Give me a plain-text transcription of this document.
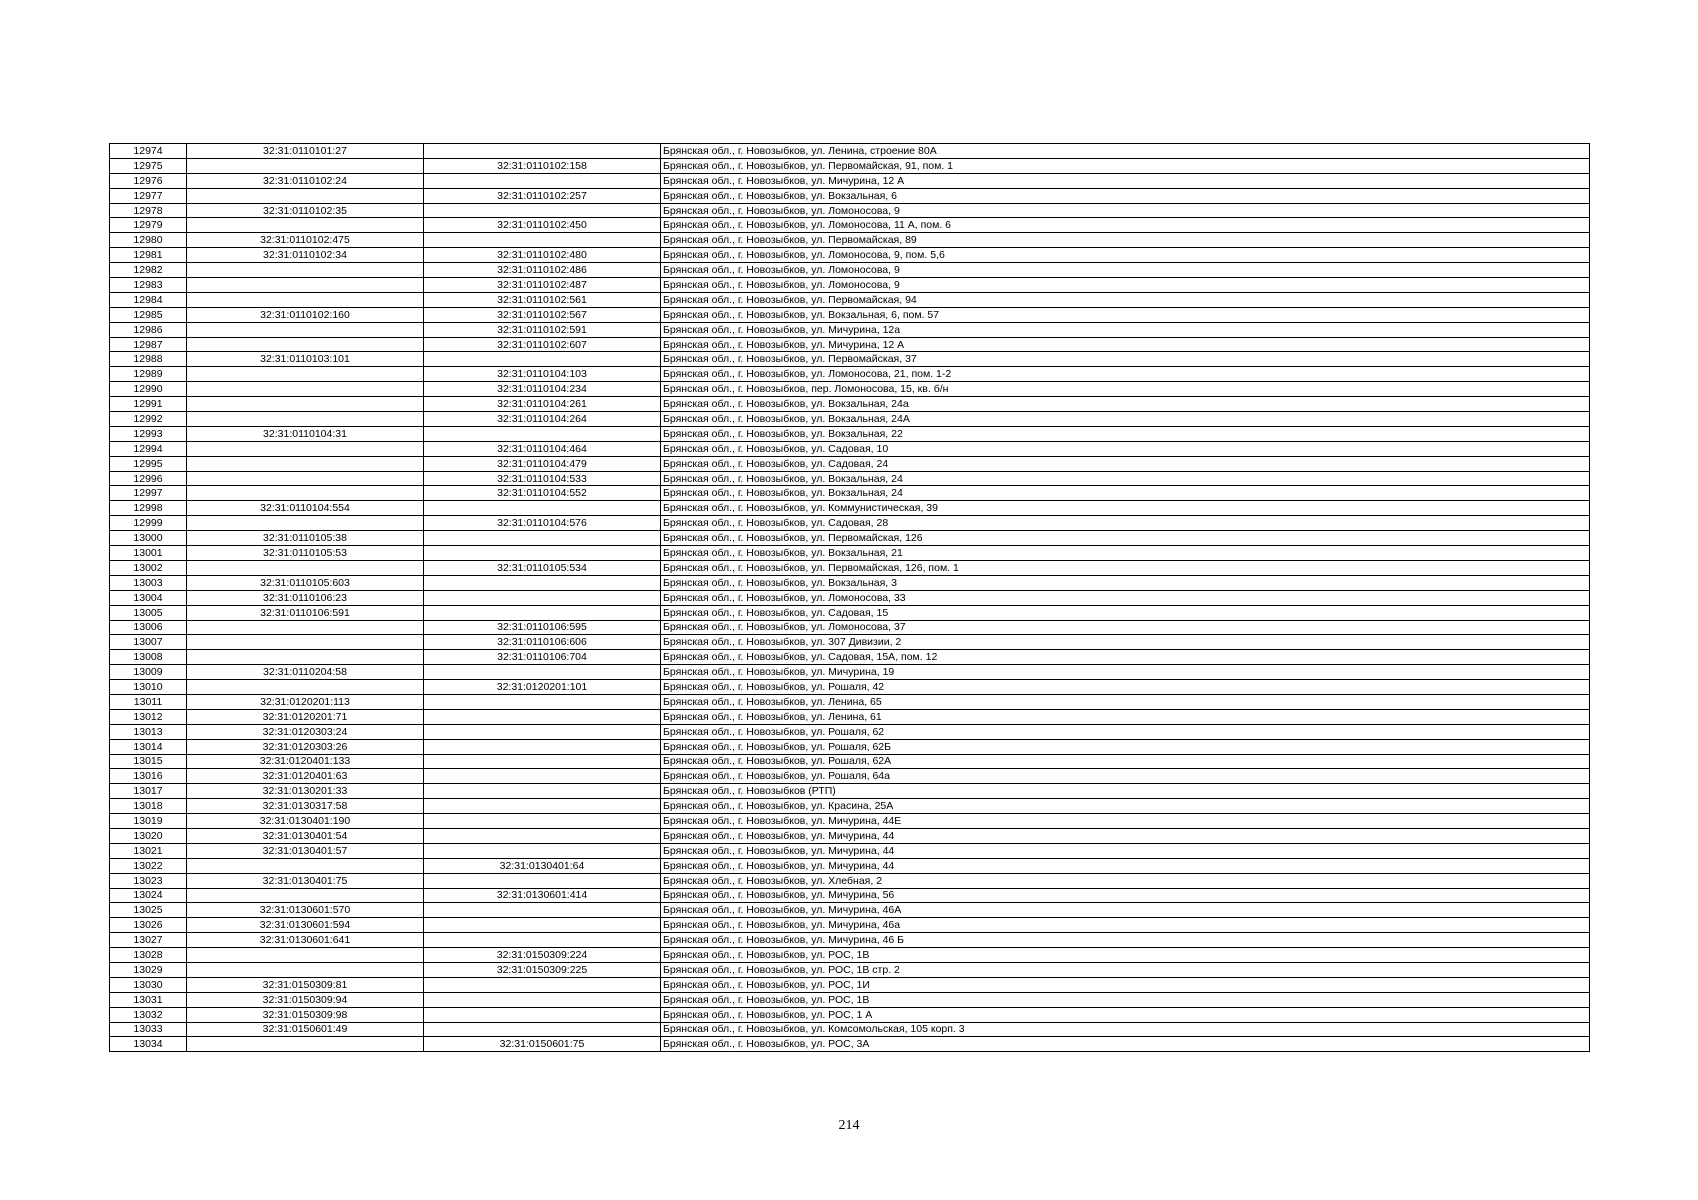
12974	32:31:0110101:27		Брянская обл., г. Новозыбков, ул. Ленина, строение 80А
12975		32:31:0110102:158	Брянская обл., г. Новозыбков, ул. Первомайская, 91, пом. 1
12976	32:31:0110102:24		Брянская обл., г. Новозыбков, ул. Мичурина, 12 А
12977		32:31:0110102:257	Брянская обл., г. Новозыбков, ул. Вокзальная, 6
12978	32:31:0110102:35		Брянская обл., г. Новозыбков, ул. Ломоносова, 9
12979		32:31:0110102:450	Брянская обл., г. Новозыбков, ул. Ломоносова, 11 А, пом. 6
12980	32:31:0110102:475		Брянская обл., г. Новозыбков, ул. Первомайская, 89
12981	32:31:0110102:34	32:31:0110102:480	Брянская обл., г. Новозыбков, ул. Ломоносова, 9, пом. 5,6
12982		32:31:0110102:486	Брянская обл., г. Новозыбков, ул. Ломоносова, 9
12983		32:31:0110102:487	Брянская обл., г. Новозыбков, ул. Ломоносова, 9
12984		32:31:0110102:561	Брянская обл., г. Новозыбков, ул. Первомайская, 94
12985	32:31:0110102:160	32:31:0110102:567	Брянская обл., г. Новозыбков, ул. Вокзальная, 6, пом. 57
12986		32:31:0110102:591	Брянская обл., г. Новозыбков, ул. Мичурина, 12а
12987		32:31:0110102:607	Брянская обл., г. Новозыбков, ул. Мичурина, 12 А
12988	32:31:0110103:101		Брянская обл., г. Новозыбков, ул. Первомайская, 37
12989		32:31:0110104:103	Брянская обл., г. Новозыбков, ул. Ломоносова, 21, пом. 1-2
12990		32:31:0110104:234	Брянская обл., г. Новозыбков, пер. Ломоносова, 15, кв. б/н
12991		32:31:0110104:261	Брянская обл., г. Новозыбков, ул. Вокзальная, 24а
12992		32:31:0110104:264	Брянская обл., г. Новозыбков, ул. Вокзальная, 24А
12993	32:31:0110104:31		Брянская обл., г. Новозыбков, ул. Вокзальная, 22
12994		32:31:0110104:464	Брянская обл., г. Новозыбков, ул. Садовая, 10
12995		32:31:0110104:479	Брянская обл., г. Новозыбков, ул. Садовая, 24
12996		32:31:0110104:533	Брянская обл., г. Новозыбков, ул. Вокзальная, 24
12997		32:31:0110104:552	Брянская обл., г. Новозыбков, ул. Вокзальная, 24
12998	32:31:0110104:554		Брянская обл., г. Новозыбков, ул. Коммунистическая, 39
12999		32:31:0110104:576	Брянская обл., г. Новозыбков, ул. Садовая, 28
13000	32:31:0110105:38		Брянская обл., г. Новозыбков, ул. Первомайская, 126
13001	32:31:0110105:53		Брянская обл., г. Новозыбков, ул. Вокзальная, 21
13002		32:31:0110105:534	Брянская обл., г. Новозыбков, ул. Первомайская, 126, пом. 1
13003	32:31:0110105:603		Брянская обл., г. Новозыбков, ул. Вокзальная, 3
13004	32:31:0110106:23		Брянская обл., г. Новозыбков, ул. Ломоносова, 33
13005	32:31:0110106:591		Брянская обл., г. Новозыбков, ул. Садовая, 15
13006		32:31:0110106:595	Брянская обл., г. Новозыбков, ул. Ломоносова, 37
13007		32:31:0110106:606	Брянская обл., г. Новозыбков, ул. 307 Дивизии, 2
13008		32:31:0110106:704	Брянская обл., г. Новозыбков, ул. Садовая, 15А, пом. 12
13009	32:31:0110204:58		Брянская обл., г. Новозыбков, ул. Мичурина, 19
13010		32:31:0120201:101	Брянская обл., г. Новозыбков, ул. Рошаля, 42
13011	32:31:0120201:113		Брянская обл., г. Новозыбков, ул. Ленина, 65
13012	32:31:0120201:71		Брянская обл., г. Новозыбков, ул. Ленина, 61
13013	32:31:0120303:24		Брянская обл., г. Новозыбков, ул. Рошаля, 62
13014	32:31:0120303:26		Брянская обл., г. Новозыбков, ул. Рошаля, 62Б
13015	32:31:0120401:133		Брянская обл., г. Новозыбков, ул. Рошаля, 62А
13016	32:31:0120401:63		Брянская обл., г. Новозыбков, ул. Рошаля, 64а
13017	32:31:0130201:33		Брянская обл., г. Новозыбков (РТП)
13018	32:31:0130317:58		Брянская обл., г. Новозыбков, ул. Красина, 25А
13019	32:31:0130401:190		Брянская обл., г. Новозыбков, ул. Мичурина, 44Е
13020	32:31:0130401:54		Брянская обл., г. Новозыбков, ул. Мичурина, 44
13021	32:31:0130401:57		Брянская обл., г. Новозыбков, ул. Мичурина, 44
13022		32:31:0130401:64	Брянская обл., г. Новозыбков, ул. Мичурина, 44
13023	32:31:0130401:75		Брянская обл., г. Новозыбков, ул. Хлебная, 2
13024		32:31:0130601:414	Брянская обл., г. Новозыбков, ул. Мичурина, 56
13025	32:31:0130601:570		Брянская обл., г. Новозыбков, ул. Мичурина, 46А
13026	32:31:0130601:594		Брянская обл., г. Новозыбков, ул. Мичурина, 46а
13027	32:31:0130601:641		Брянская обл., г. Новозыбков, ул. Мичурина, 46 Б
13028		32:31:0150309:224	Брянская обл., г. Новозыбков, ул. РОС, 1В
13029		32:31:0150309:225	Брянская обл., г. Новозыбков, ул. РОС, 1В стр. 2
13030	32:31:0150309:81		Брянская обл., г. Новозыбков, ул. РОС, 1И
13031	32:31:0150309:94		Брянская обл., г. Новозыбков, ул. РОС, 1В
13032	32:31:0150309:98		Брянская обл., г. Новозыбков, ул. РОС, 1 А
13033	32:31:0150601:49		Брянская обл., г. Новозыбков, ул. Комсомольская, 105 корп. 3
13034		32:31:0150601:75	Брянская обл., г. Новозыбков, ул. РОС, 3А
214
